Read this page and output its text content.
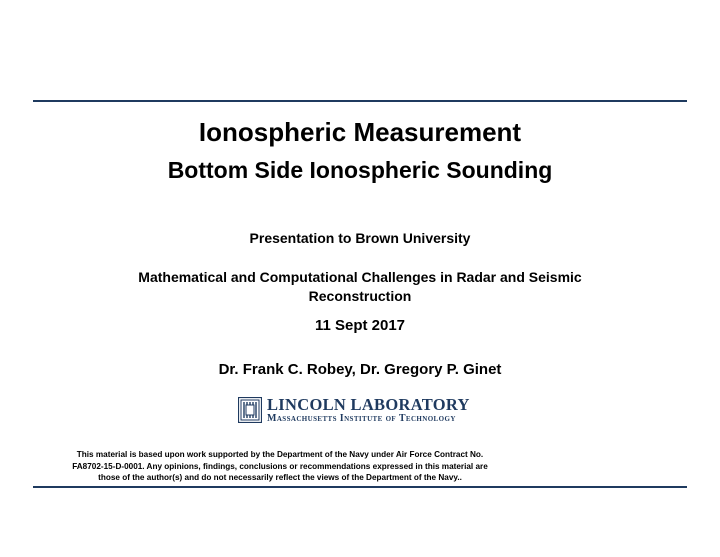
Ionospheric Measurement
Bottom Side Ionospheric Sounding
Presentation to Brown University
Mathematical and Computational Challenges in Radar and Seismic Reconstruction
11 Sept 2017
Dr. Frank C. Robey, Dr. Gregory P. Ginet
LINCOLN LABORATORY
Massachusetts Institute of Technology
This material is based upon work supported by the Department of the Navy under Air Force Contract No.
FA8702-15-D-0001. Any opinions, findings, conclusions or recommendations expressed in this material are
those of the author(s) and do not necessarily reflect the views of the Department of the Navy..
